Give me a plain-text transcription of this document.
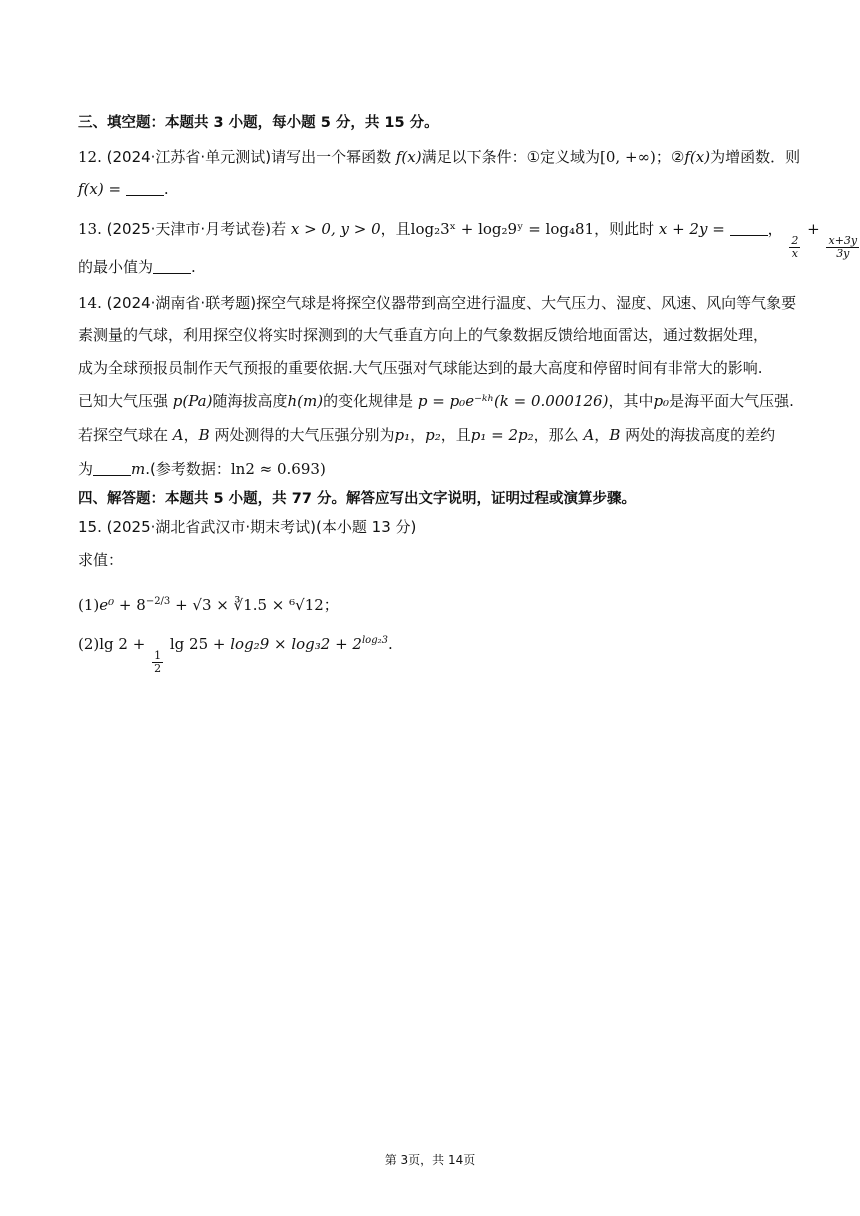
三、填空题：本题共 3 小题，每小题 5 分，共 15 分。
12. (2024·江苏省·单元测试)请写出一个幂函数 f(x)满足以下条件：①定义域为[0, +∞)；②f(x)为增函数．则
f(x) =	.
13. (2025·天津市·月考试卷)若 x > 0, y > 0，且log₂3ˣ + log₂9ʸ = log₄81，则此时 x + 2y =	，
$\frac{2}{x}$
+
$\frac{x+3y}{3y}$
的最小值为	.
14. (2024·湖南省·联考题)探空气球是将探空仪器带到高空进行温度、大气压力、湿度、风速、风向等气象要
素测量的气球，利用探空仪将实时探测到的大气垂直方向上的气象数据反馈给地面雷达，通过数据处理，
成为全球预报员制作天气预报的重要依据.大气压强对气球能达到的最大高度和停留时间有非常大的影响.
已知大气压强 p(Pa)随海拔高度h(m)的变化规律是 p = p₀e⁻ᵏʰ(k = 0.000126)，其中p₀是海平面大气压强.
若探空气球在 A，B 两处测得的大气压强分别为p₁，p₂，且p₁ = 2p₂，那么 A，B 两处的海拔高度的差约
为	m.(参考数据：ln2 ≈ 0.693)
四、解答题：本题共 5 小题，共 77 分。解答应写出文字说明，证明过程或演算步骤。
15. (2025·湖北省武汉市·期末考试)(本小题 13 分)
求值：
$(1)e^0 + 8^{-2/3} + √3$ × ∛1.5 × ⁶√12；
(2)lg 2 +
$\frac{1}{2}$
$\lg 25 + \log_29 \times \log_32 + 2^{log_23}$.
第 3页，共 14页
